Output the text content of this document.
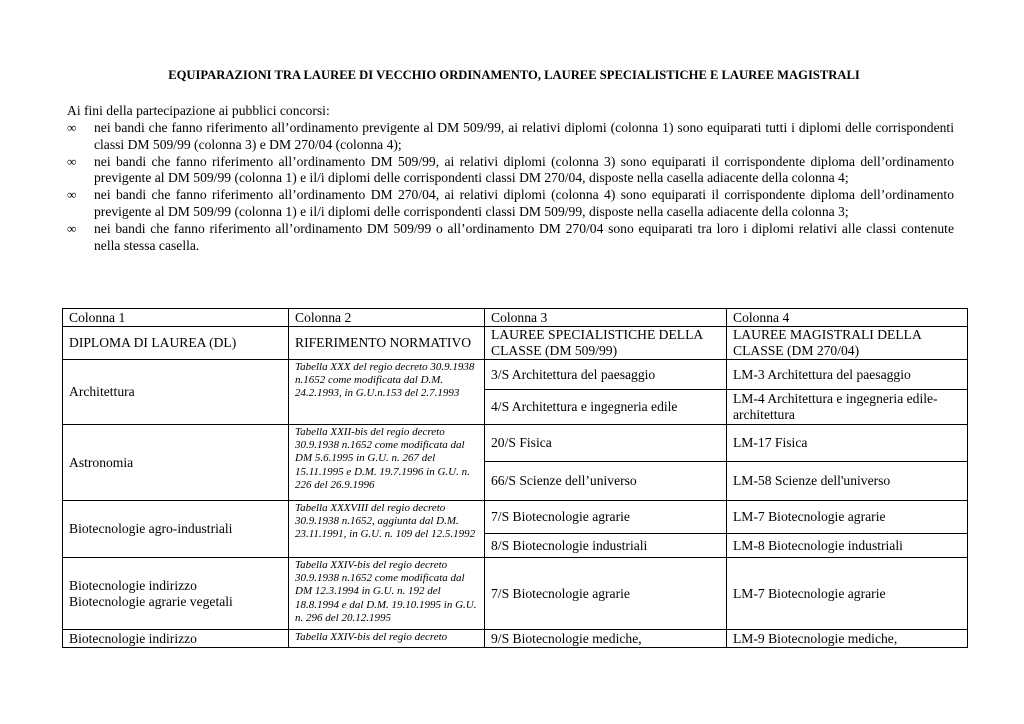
EQUIPARAZIONI TRA LAUREE DI VECCHIO ORDINAMENTO, LAUREE SPECIALISTICHE E LAUREE MAGISTRALI
Ai fini della partecipazione ai pubblici concorsi:
∞ nei bandi che fanno riferimento all’ordinamento previgente al DM 509/99, ai relativi diplomi (colonna 1) sono equiparati tutti i diplomi delle corrispondenti classi DM 509/99 (colonna 3) e DM 270/04 (colonna 4);
∞ nei bandi che fanno riferimento all’ordinamento DM 509/99, ai relativi diplomi (colonna 3) sono equiparati il corrispondente diploma dell’ordinamento previgente al DM 509/99 (colonna 1) e il/i diplomi delle corrispondenti classi DM 270/04, disposte nella casella adiacente della colonna 4;
∞ nei bandi che fanno riferimento all’ordinamento DM 270/04, ai relativi diplomi (colonna 4) sono equiparati il corrispondente diploma dell’ordinamento previgente al DM 509/99 (colonna 1) e il/i diplomi delle corrispondenti classi DM 509/99, disposte nella casella adiacente della colonna 3;
∞ nei bandi che fanno riferimento all’ordinamento DM 509/99 o all’ordinamento DM 270/04 sono equiparati tra loro i diplomi relativi alle classi contenute nella stessa casella.
Colonna 1	Colonna 2	Colonna 3	Colonna 4
DIPLOMA DI LAUREA (DL)	RIFERIMENTO NORMATIVO	LAUREE SPECIALISTICHE DELLA CLASSE (DM 509/99)	LAUREE MAGISTRALI DELLA CLASSE (DM 270/04)
Architettura	Tabella XXX del regio decreto 30.9.1938 n.1652 come modificata dal D.M. 24.2.1993, in G.U.n.153 del 2.7.1993	3/S Architettura del paesaggio	LM-3 Architettura del paesaggio
		4/S Architettura e ingegneria edile	LM-4 Architettura e ingegneria edile-architettura
Astronomia	Tabella XXII-bis del regio decreto 30.9.1938 n.1652 come modificata dal DM 5.6.1995 in G.U. n. 267 del 15.11.1995 e D.M. 19.7.1996 in G.U. n. 226 del 26.9.1996	20/S Fisica	LM-17 Fisica
		66/S Scienze dell’universo	LM-58 Scienze dell'universo
Biotecnologie agro-industriali	Tabella XXXVIII del regio decreto 30.9.1938 n.1652, aggiunta dal D.M. 23.11.1991, in G.U. n. 109 del 12.5.1992	7/S Biotecnologie agrarie	LM-7 Biotecnologie agrarie
		8/S Biotecnologie industriali	LM-8 Biotecnologie industriali

Biotecnologie indirizzo
Biotecnologie agrarie vegetali	Tabella XXIV-bis del regio decreto 30.9.1938 n.1652 come modificata dal DM 12.3.1994 in G.U. n. 192 del 18.8.1994 e dal D.M. 19.10.1995 in G.U. n. 296 del 20.12.1995	7/S Biotecnologie agrarie	LM-7 Biotecnologie agrarie
Biotecnologie indirizzo	Tabella XXIV-bis del regio decreto	9/S Biotecnologie mediche,	LM-9 Biotecnologie mediche,
